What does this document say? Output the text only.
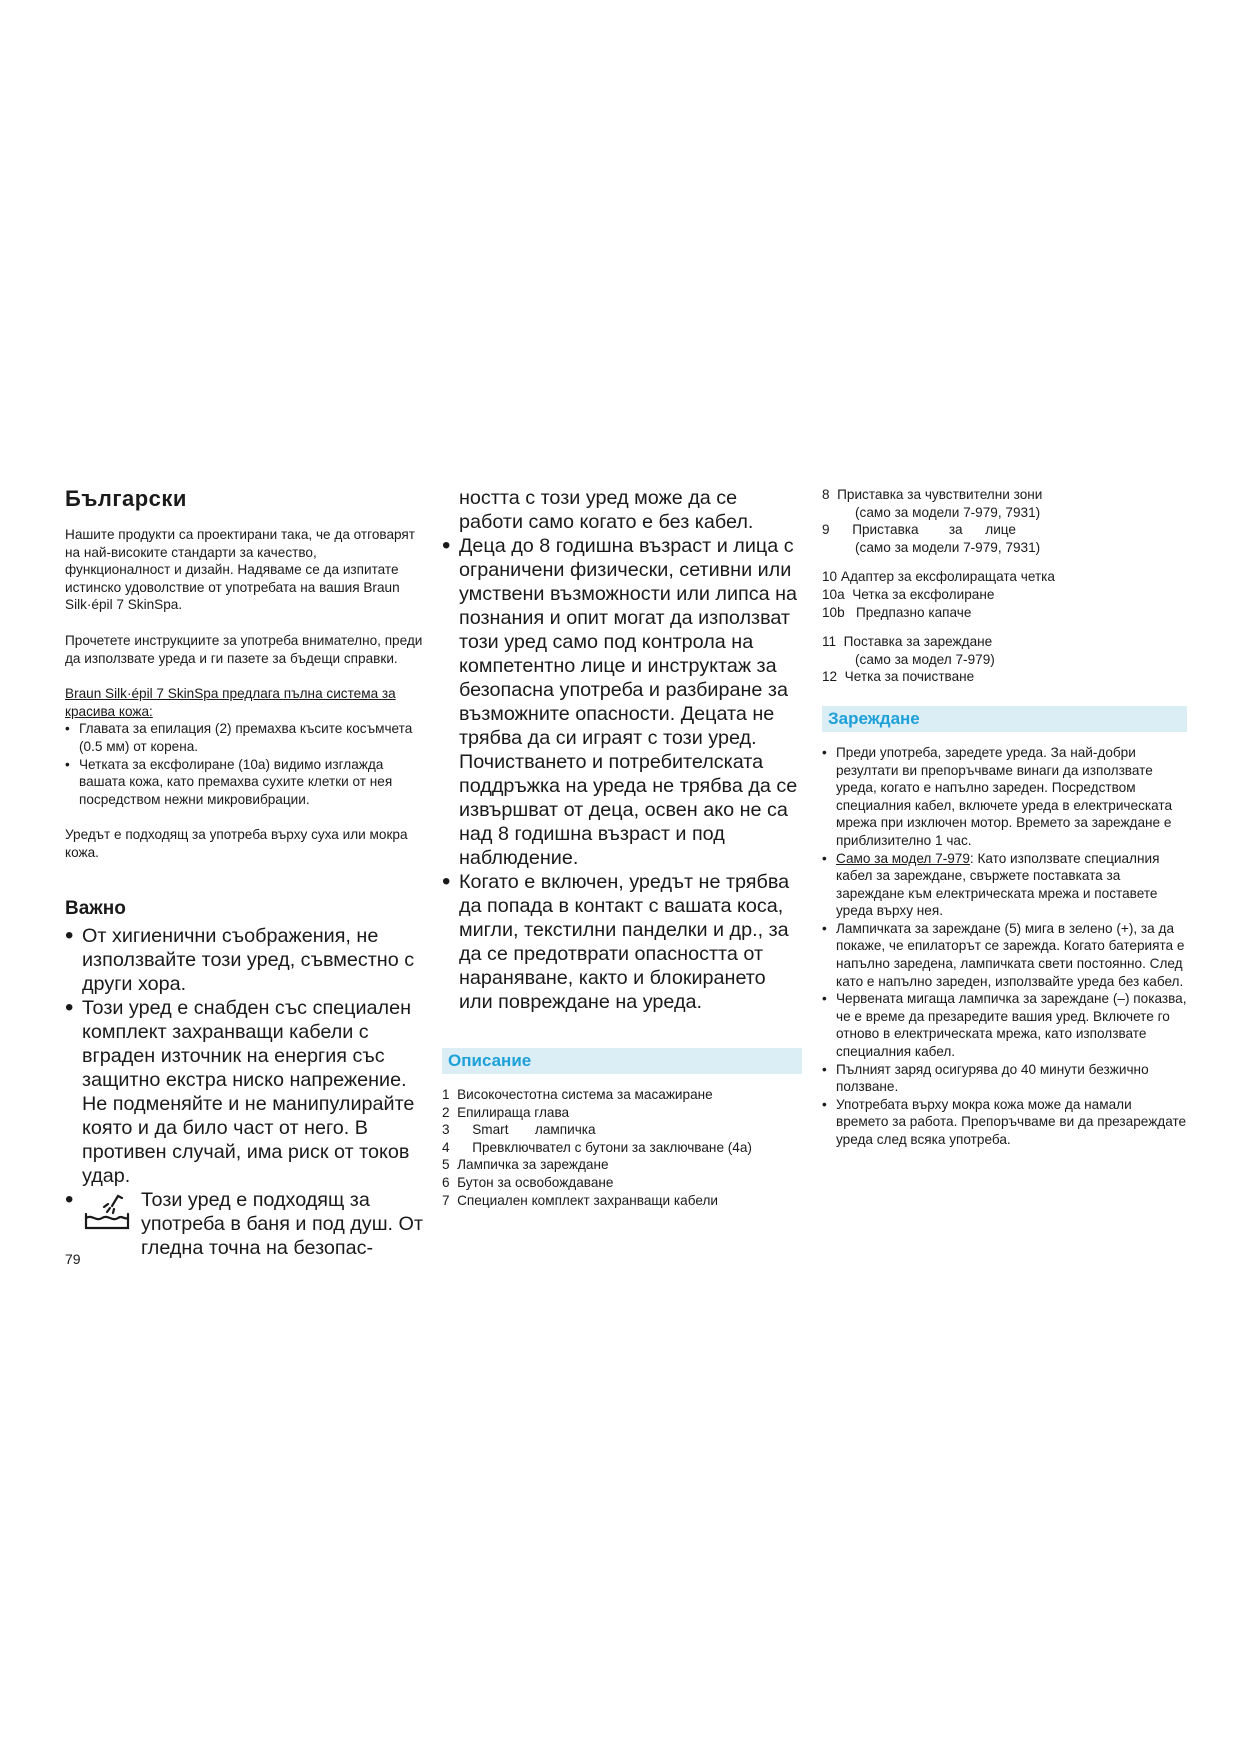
Български

Нашите продукти са проектирани така, че да отговарят на най-високите стандарти за качество, функционалност и дизайн. Надяваме се да изпитате истинско удоволствие от употребата на вашия Braun Silk·épil 7 SkinSpa.

Прочетете инструкциите за употреба внимателно, преди да използвате уреда и ги пазете за бъдещи справки.

Braun Silk·épil 7 SkinSpa предлага пълна система за красива кожа:

• Главата за епилация (2) премахва късите косъмчета (0.5 мм) от корена.
• Четката за ексфолиране (10а) видимо изглажда вашата кожа, като премахва сухите клетки от нея посредством нежни микровибрации.

Уредът е подходящ за употреба върху суха или мокра кожа.

Важно
• От хигиенични съображения, не използвайте този уред, съвместно с други хора.
• Този уред е снабден със специален комплект захранващи кабели с вграден източник на енергия със защитно екстра ниско напрежение. Не подменяйте и не манипулирайте която и да било част от него. В противен случай, има риск от токов удар.
•	Този уред е подходящ за употреба в баня и под душ. От гледна точна на безопас-

ността с този уред може да се работи само когато е без кабел.

• Деца до 8 годишна възраст и лица с ограничени физически, сетивни или умствени възможности или липса на познания и опит могат да използват този уред само под контрола на компетентно лице и инструктаж за безопасна употреба и разбиране за възможните опасности. Децата не трябва да си играят с този уред. Почистването и потребителската поддръжка на уреда не трябва да се извършват от деца, освен ако не са над 8 годишна възраст и под наблюдение.
• Когато е включен, уредът не трябва да попада в контакт с вашата коса, мигли, текстилни панделки и др., за да се предотврати опасността от нараняване, както и блокирането или повреждане на уреда.
Описание
1  Високочестотна система за масажиране
2  Епилираща глава
3      Smart       лампичка
4      Превключвател с бутони за заключване (4а)
5  Лампичка за зареждане
6  Бутон за освобождаване
7  Специален комплект захранващи кабели

8  Приставка за чувствителни зони

(само за модели 7-979, 7931)

9      Приставка        за      лице

(само за модели 7-979, 7931)

10 Адаптер за ексфолиращата четка

10а  Четка за ексфолиране

10b   Предпазно капаче

11  Поставка за зареждане

(само за модел 7-979)

12  Четка за почистване

Зареждане
• Преди употреба, заредете уреда. За най-добри резултати ви препоръчваме винаги да използвате уреда, когато е напълно зареден. Посредством специалния кабел, включете уреда в електрическата мрежа при изключен мотор. Времето за зареждане е приблизително 1 час.
• Само за модел 7-979: Като използвате специалния кабел за зареждане, свържете поставката за зареждане към електрическата мрежа и поставете уреда върху нея.
• Лампичката за зареждане (5) мига в зелено (+), за да покаже, че епилаторът се зарежда. Когато батерията е напълно заредена, лампичката свети постоянно. След като е напълно зареден, използвайте уреда без кабел.
• Червената мигаща лампичка за зареждане (–) показва, че е време да презаредите вашия уред. Включете го отново в електрическата мрежа, като използвате специалния кабел.
• Пълният заряд осигурява до 40 минути безжично ползване.
• Употребата върху мокра кожа може да намали времето за работа. Препоръчваме ви да презареждате уреда след всяка употреба.
79
